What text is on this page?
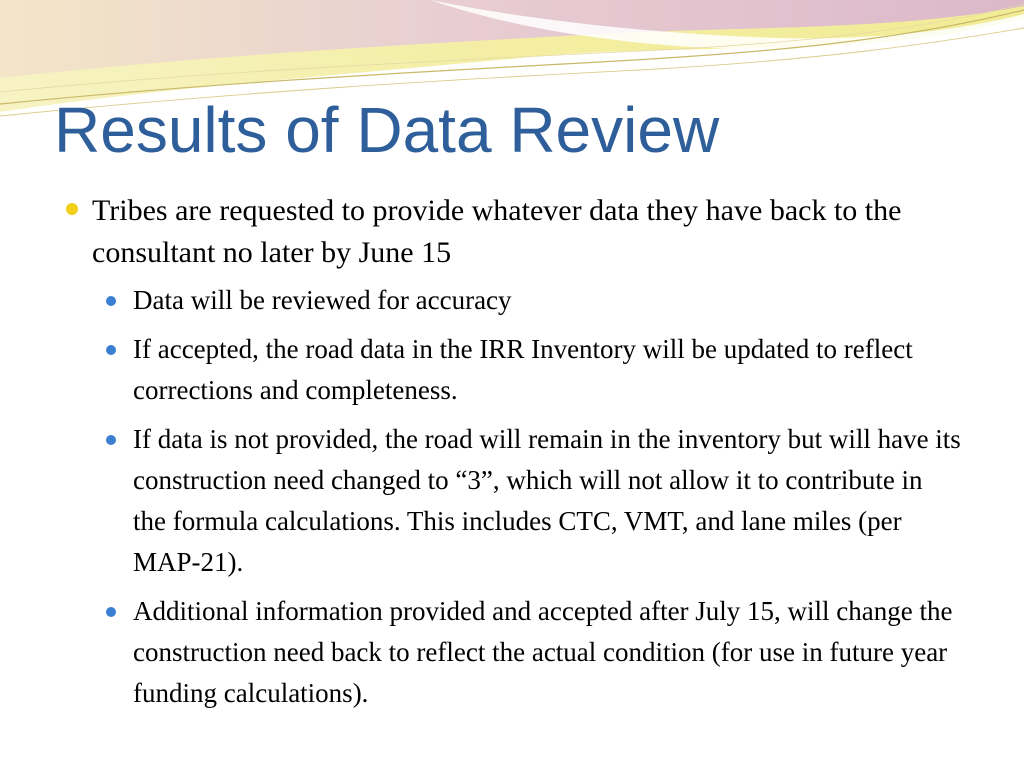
Results of Data Review
Tribes are requested to provide whatever data they have back to the consultant no later by June 15
Data will be reviewed for accuracy
If accepted, the road data in the IRR Inventory will be updated to reflect corrections and completeness.
If data is not provided, the road will remain in the inventory but will have its construction need changed to “3”, which will not allow it to contribute in the formula calculations. This includes CTC, VMT, and lane miles (per MAP-21).
Additional information provided and accepted after July 15, will change the construction need back to reflect the actual condition (for use in future year funding calculations).
